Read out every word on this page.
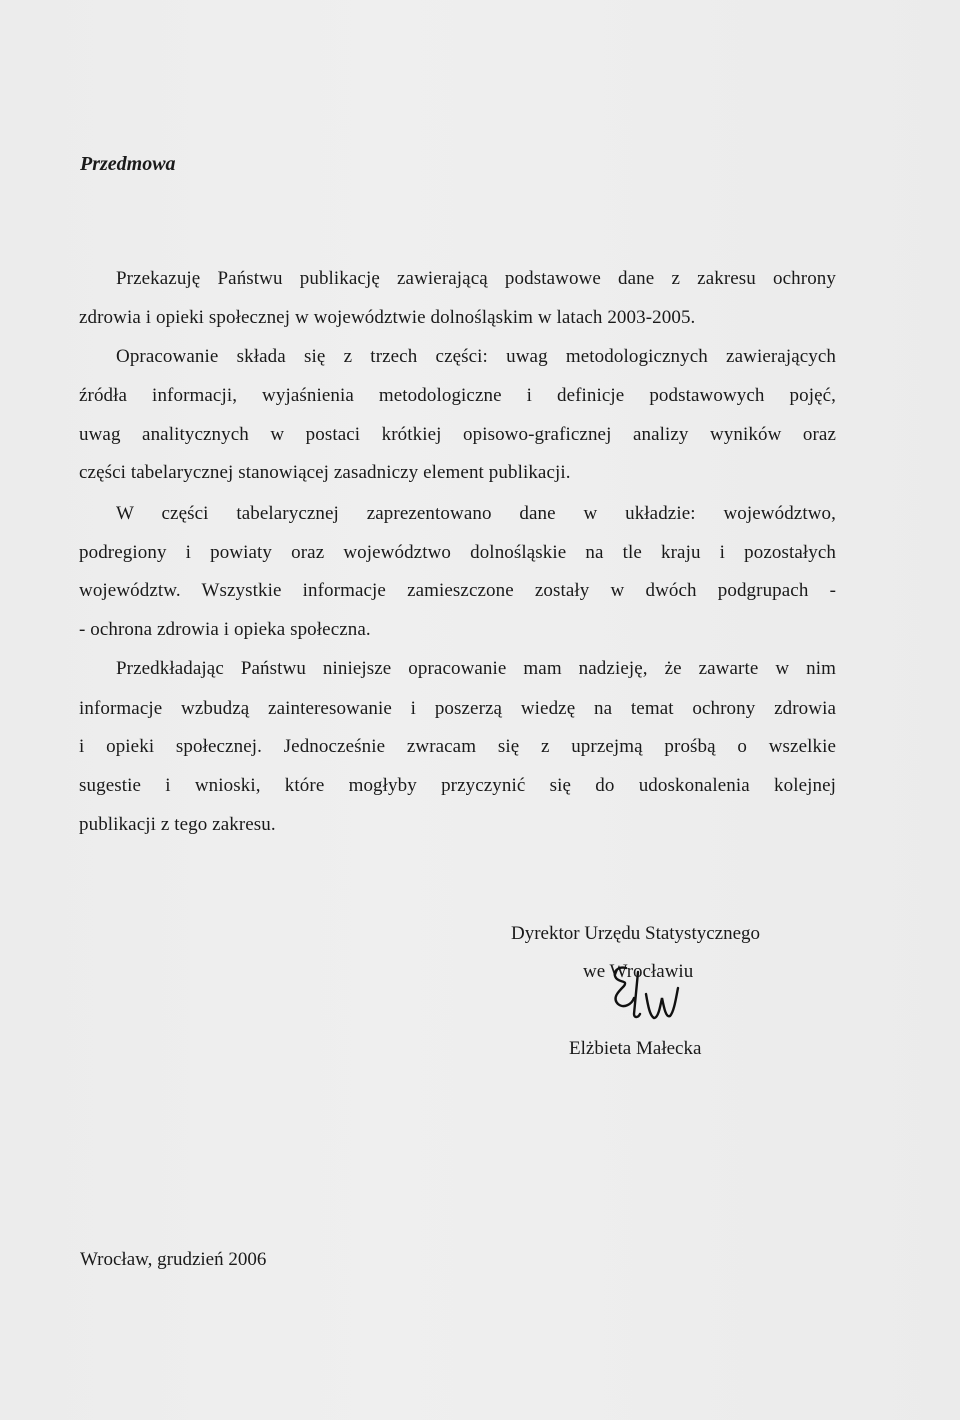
Przedmowa
Przekazuję Państwu publikację zawierającą podstawowe dane z zakresu ochrony
zdrowia i opieki społecznej w województwie dolnośląskim w latach 2003-2005.
Opracowanie składa się z trzech części: uwag metodologicznych zawierających
źródła informacji, wyjaśnienia metodologiczne i definicje podstawowych pojęć,
uwag analitycznych w postaci krótkiej opisowo-graficznej analizy wyników oraz
części tabelarycznej stanowiącej zasadniczy element publikacji.
W części tabelarycznej zaprezentowano dane w układzie: województwo,
podregiony i powiaty oraz województwo dolnośląskie na tle kraju i pozostałych
województw. Wszystkie informacje zamieszczone zostały w dwóch podgrupach -
- ochrona zdrowia i opieka społeczna.
Przedkładając Państwu niniejsze opracowanie mam nadzieję, że zawarte w nim
informacje wzbudzą zainteresowanie i poszerzą wiedzę na temat ochrony zdrowia
i opieki społecznej. Jednocześnie zwracam się z uprzejmą prośbą o wszelkie
sugestie i wnioski, które mogłyby przyczynić się do udoskonalenia kolejnej
publikacji z tego zakresu.
Dyrektor Urzędu Statystycznego
we Wrocławiu
Elżbieta Małecka
Wrocław, grudzień 2006
